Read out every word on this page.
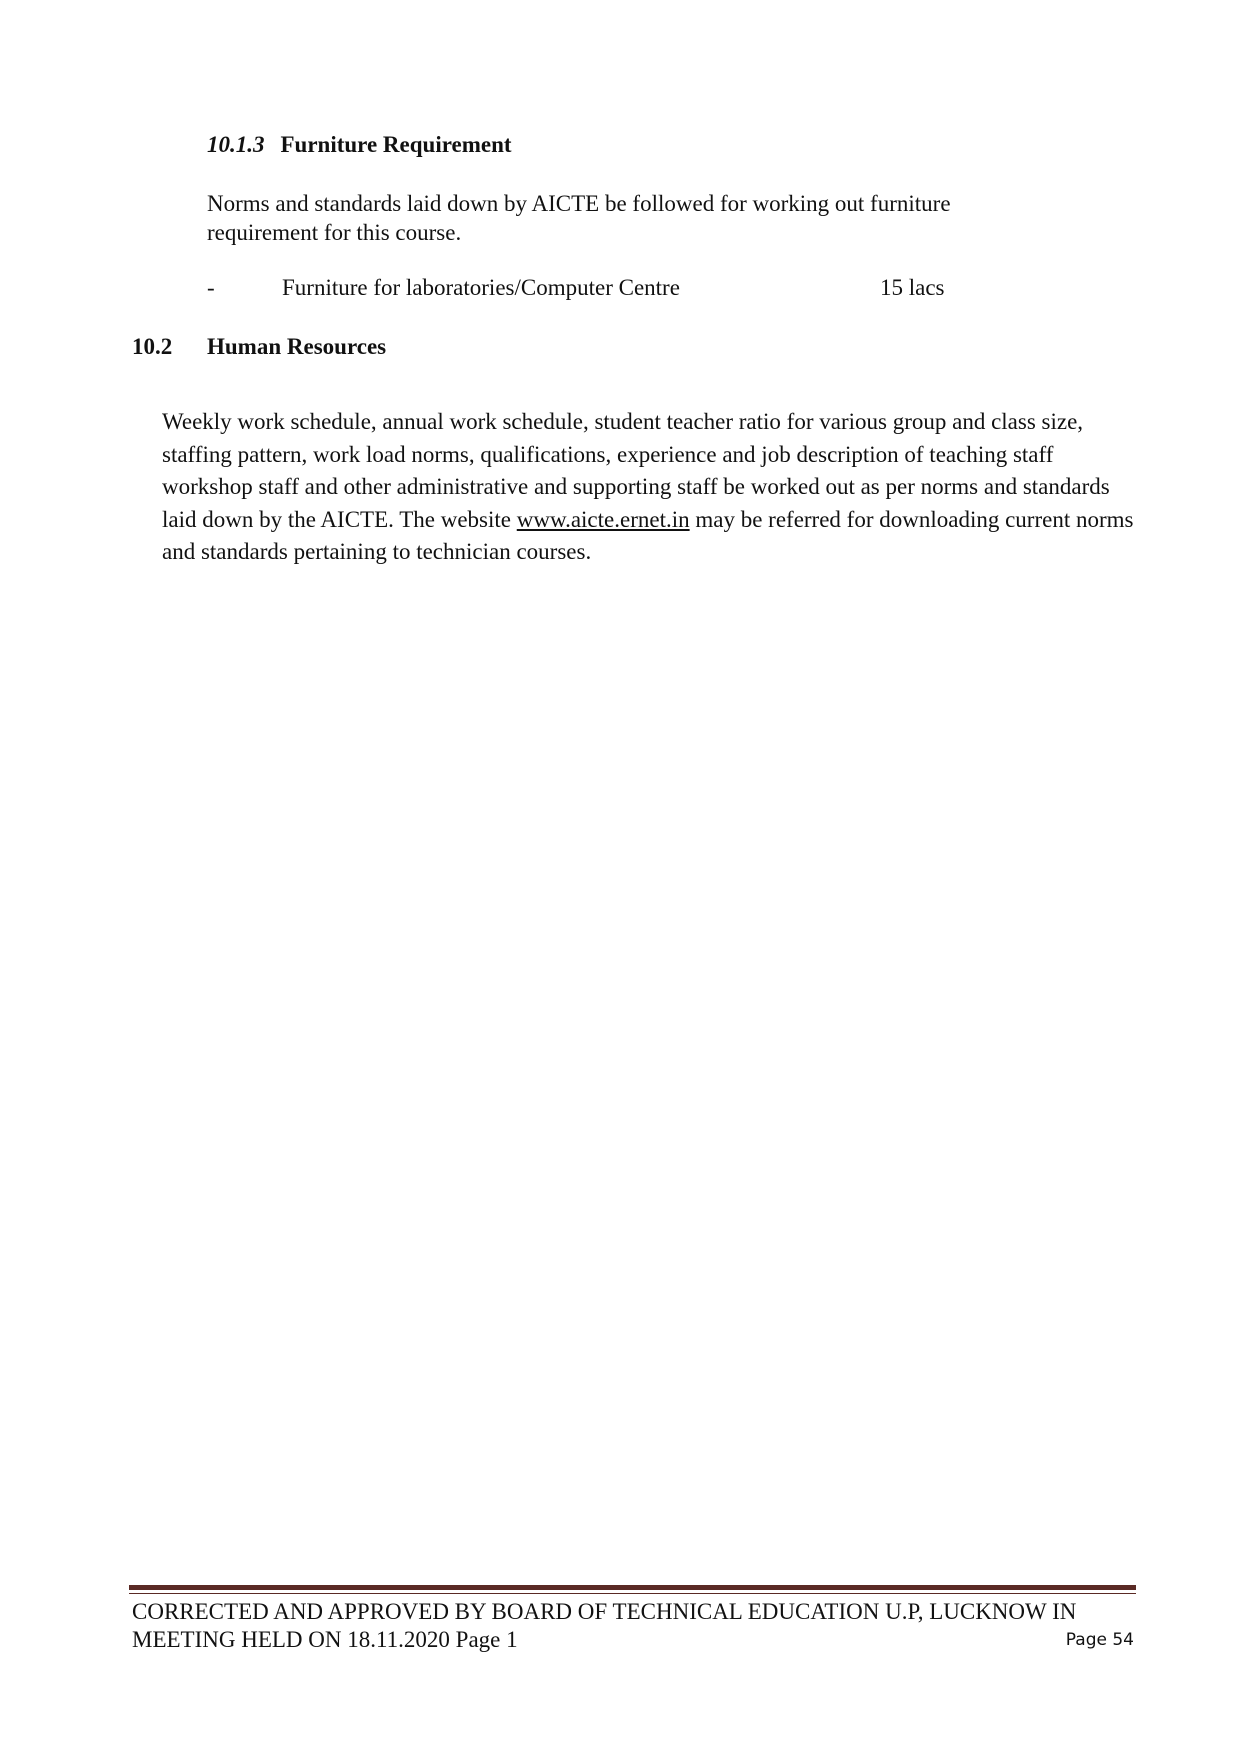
10.1.3 Furniture Requirement
Norms and standards laid down by AICTE be followed for working out furniture requirement for this course.
-	Furniture for laboratories/Computer Centre	15 lacs
10.2 Human Resources
Weekly work schedule, annual work schedule, student teacher ratio for various group and class size, staffing pattern, work load norms, qualifications, experience and job description of teaching staff workshop staff and other administrative and supporting staff be worked out as per norms and standards laid down by the AICTE. The website www.aicte.ernet.in may be referred for downloading current norms and standards pertaining to technician courses.
CORRECTED AND APPROVED BY BOARD OF TECHNICAL EDUCATION U.P, LUCKNOW IN MEETING HELD ON 18.11.2020 Page 1	Page 54
